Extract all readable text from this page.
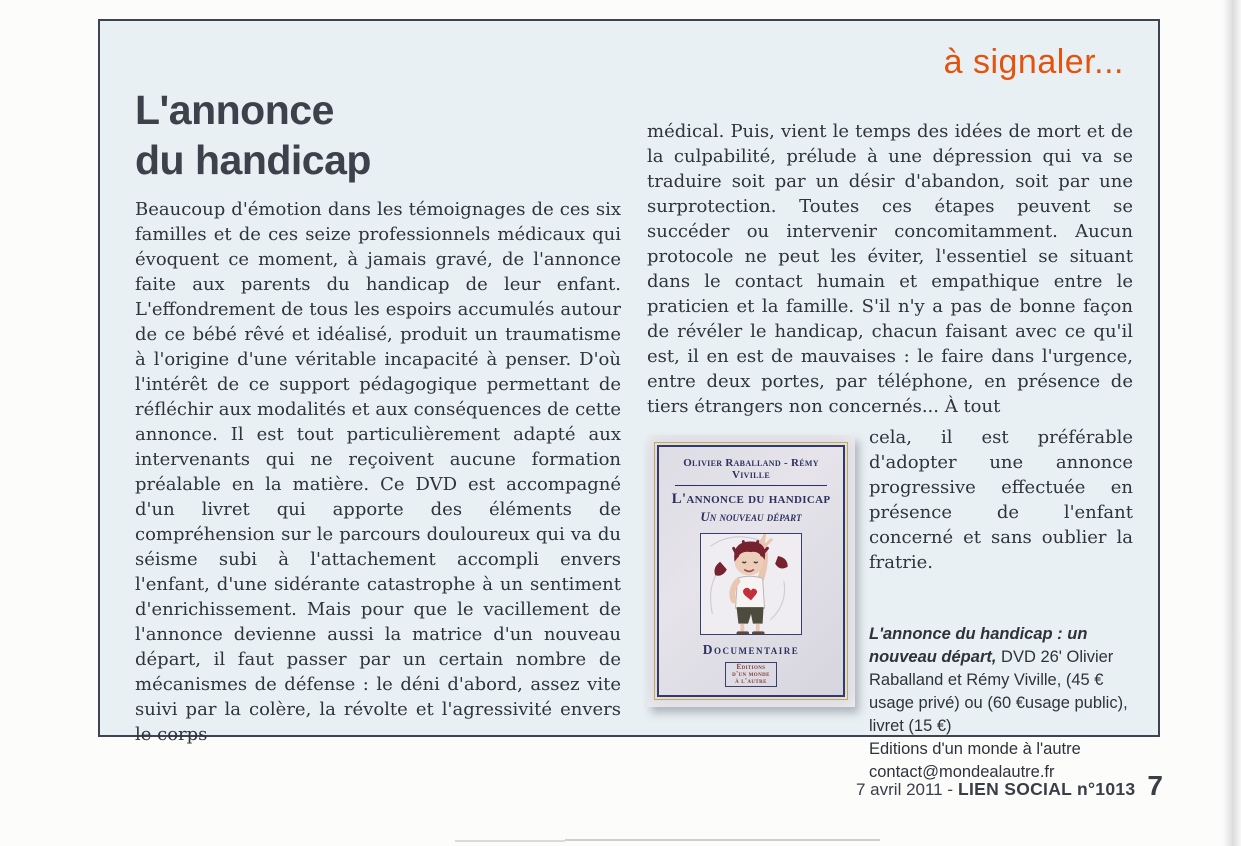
à signaler...
L'annonce
du handicap
Beaucoup d'émotion dans les témoignages de ces six familles et de ces seize professionnels médicaux qui évoquent ce moment, à jamais gravé, de l'annonce faite aux parents du handicap de leur enfant. L'effondrement de tous les espoirs accumulés autour de ce bébé rêvé et idéalisé, produit un traumatisme à l'origine d'une véritable incapacité à penser. D'où l'intérêt de ce support pédagogique permettant de réfléchir aux modalités et aux conséquences de cette annonce. Il est tout particulièrement adapté aux intervenants qui ne reçoivent aucune formation préalable en la matière. Ce DVD est accompagné d'un livret qui apporte des éléments de compréhension sur le parcours douloureux qui va du séisme subi à l'attachement accompli envers l'enfant, d'une sidérante catastrophe à un sentiment d'enrichissement. Mais pour que le vacillement de l'annonce devienne aussi la matrice d'un nouveau départ, il faut passer par un certain nombre de mécanismes de défense : le déni d'abord, assez vite suivi par la colère, la révolte et l'agressivité envers le corps

médical. Puis, vient le temps des idées de mort et de la culpabilité, prélude à une dépression qui va se traduire soit par un désir d'abandon, soit par une surprotection. Toutes ces étapes peuvent se succéder ou intervenir concomitamment. Aucun protocole ne peut les éviter, l'essentiel se situant dans le contact humain et empathique entre le praticien et la famille. S'il n'y a pas de bonne façon de révéler le handicap, chacun faisant avec ce qu'il est, il en est de mauvaises : le faire dans l'urgence, entre deux portes, par téléphone, en présence de tiers étrangers non concernés... À tout

Olivier Raballand - Rémy Viville
L'annonce du handicap
Un nouveau départ
Documentaire
Éditions
d'un monde
à l'autre

cela, il est préférable d'adopter une annonce progressive effectuée en présence de l'enfant concerné et sans oublier la fratrie.

L'annonce du handicap : un nouveau départ, DVD 26' Olivier Raballand et Rémy Viville, (45 € usage privé) ou (60 €usage public), livret (15 €)
Editions d'un monde à l'autre
contact@mondealautre.fr
7 avril 2011 - LIEN SOCIAL n°1013 7
